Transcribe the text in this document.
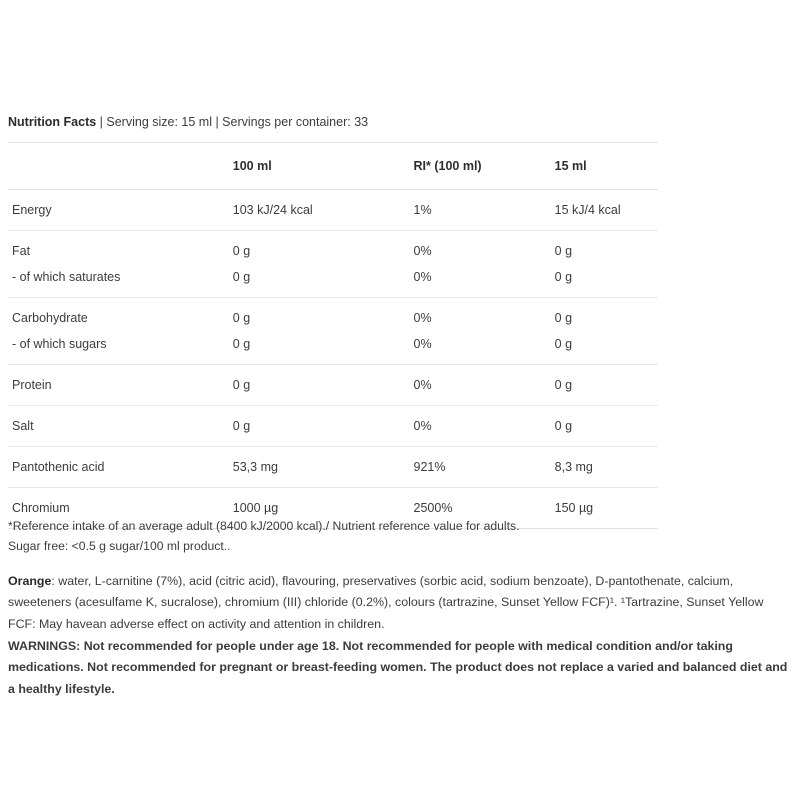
Nutrition Facts | Serving size: 15 ml | Servings per container: 33
	100 ml	RI* (100 ml)	15 ml
Energy	103 kJ/24 kcal	1%	15 kJ/4 kcal
Fat	0 g	0%	0 g
- of which saturates	0 g	0%	0 g
Carbohydrate	0 g	0%	0 g
- of which sugars	0 g	0%	0 g
Protein	0 g	0%	0 g
Salt	0 g	0%	0 g
Pantothenic acid	53,3 mg	921%	8,3 mg
Chromium	1000 µg	2500%	150 µg
*Reference intake of an average adult (8400 kJ/2000 kcal)./ Nutrient reference value for adults.
Sugar free: <0.5 g sugar/100 ml product..
Orange: water, L-carnitine (7%), acid (citric acid), flavouring, preservatives (sorbic acid, sodium benzoate), D-pantothenate, calcium, sweeteners (acesulfame K, sucralose), chromium (III) chloride (0.2%), colours (tartrazine, Sunset Yellow FCF)¹. ¹Tartrazine, Sunset Yellow FCF: May havean adverse effect on activity and attention in children.
WARNINGS: Not recommended for people under age 18. Not recommended for people with medical condition and/or taking medications. Not recommended for pregnant or breast-feeding women. The product does not replace a varied and balanced diet and a healthy lifestyle.
